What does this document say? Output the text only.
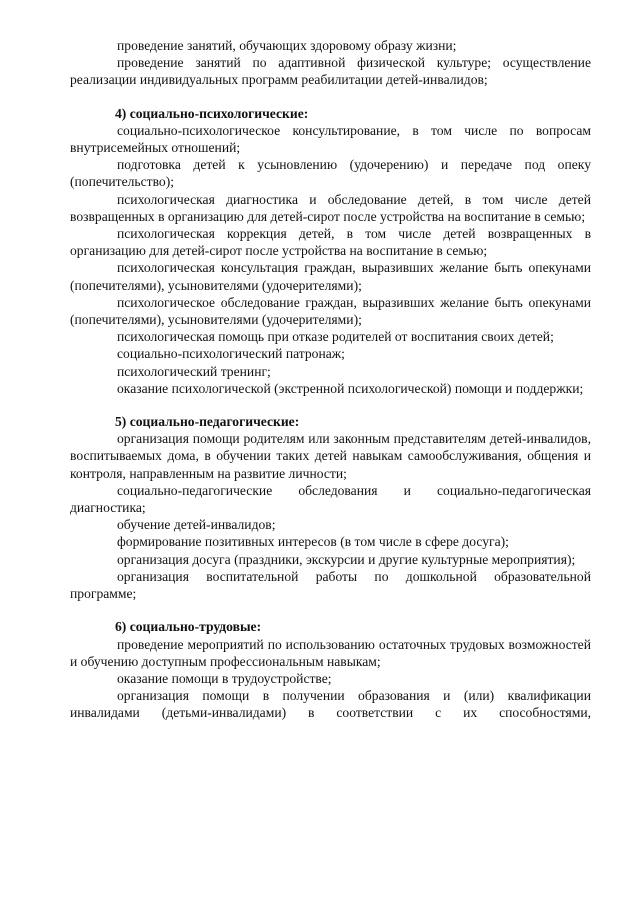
проведение занятий, обучающих здоровому образу жизни;

проведение занятий по адаптивной физической культуре; осуществление реализации индивидуальных программ реабилитации детей-инвалидов;

4) социально-психологические:

социально-психологическое консультирование, в том числе по вопросам внутрисемейных отношений;

подготовка детей к усыновлению (удочерению) и передаче под опеку (попечительство);

психологическая диагностика и обследование детей, в том числе детей возвращенных в организацию для детей-сирот после устройства на воспитание в семью;

психологическая коррекция детей, в том числе детей возвращенных в организацию для детей-сирот после устройства на воспитание в семью;

психологическая консультация граждан, выразивших желание быть опекунами (попечителями), усыновителями (удочерителями);

психологическое обследование граждан, выразивших желание быть опекунами (попечителями), усыновителями (удочерителями);

психологическая помощь при отказе родителей от воспитания своих детей;

социально-психологический патронаж;

психологический тренинг;

оказание психологической (экстренной психологической) помощи и поддержки;

5) социально-педагогические:

организация помощи родителям или законным представителям детей-инвалидов, воспитываемых дома, в обучении таких детей навыкам самообслуживания, общения и контроля, направленным на развитие личности;

социально-педагогические обследования и социально-педагогическая диагностика;

обучение детей-инвалидов;

формирование позитивных интересов (в том числе в сфере досуга);

организация досуга (праздники, экскурсии и другие культурные мероприятия);

организация воспитательной работы по дошкольной образовательной программе;

6) социально-трудовые:

проведение мероприятий по использованию остаточных трудовых возможностей и обучению доступным профессиональным навыкам;

оказание помощи в трудоустройстве;

организация помощи в получении образования и (или) квалификации инвалидами (детьми-инвалидами) в соответствии с их способностями,
